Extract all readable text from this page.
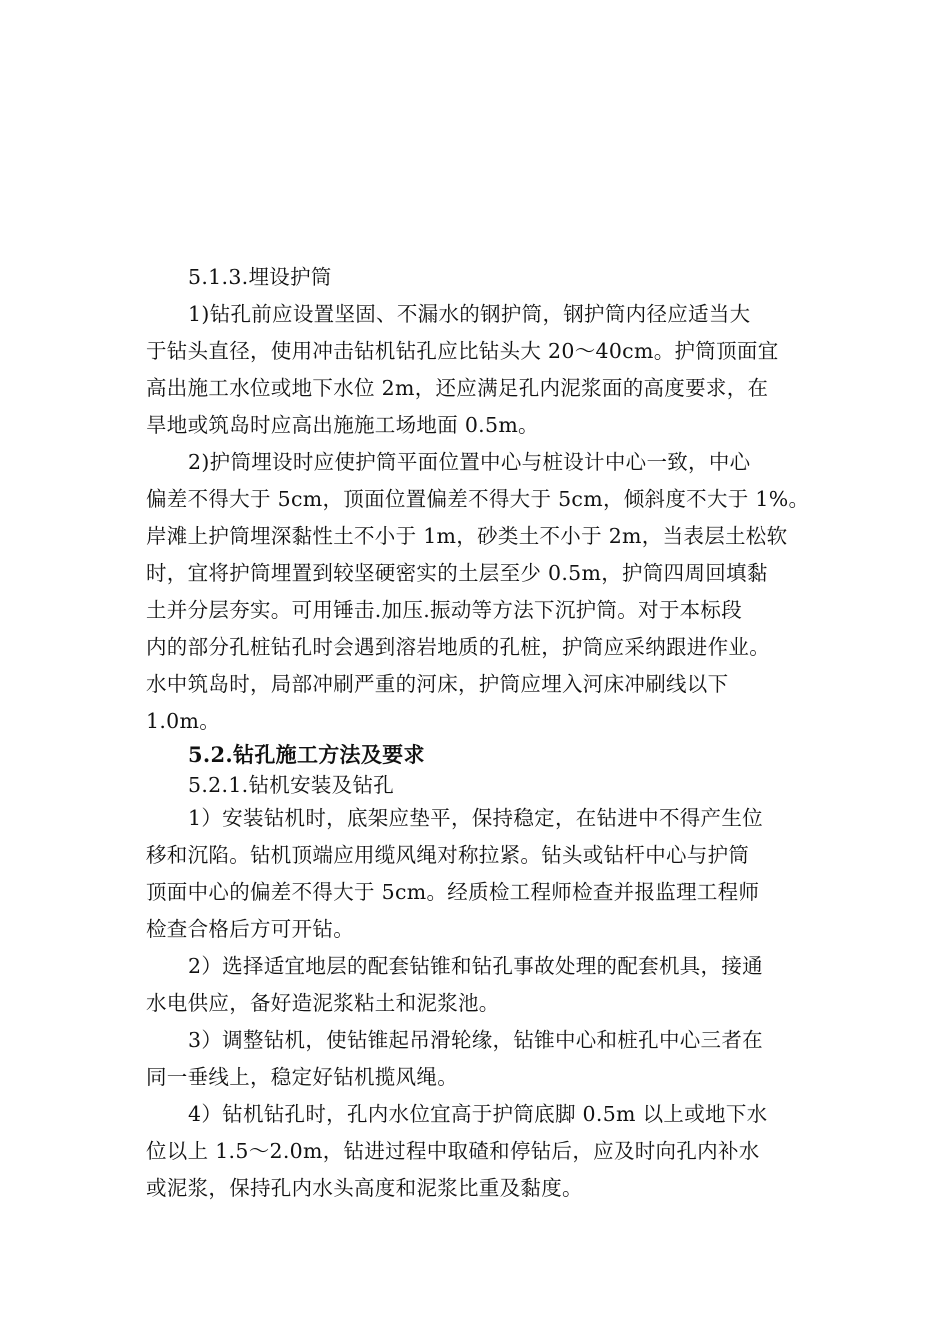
5.1.3.埋设护筒
1)钻孔前应设置坚固、不漏水的钢护筒，钢护筒内径应适当大
于钻头直径，使用冲击钻机钻孔应比钻头大 20～40cm。护筒顶面宜
高出施工水位或地下水位 2m，还应满足孔内泥浆面的高度要求，在
旱地或筑岛时应高出施施工场地面 0.5m。
2)护筒埋设时应使护筒平面位置中心与桩设计中心一致，中心
偏差不得大于 5cm，顶面位置偏差不得大于 5cm，倾斜度不大于 1%。
岸滩上护筒埋深黏性土不小于 1m，砂类土不小于 2m，当表层土松软
时，宜将护筒埋置到较坚硬密实的土层至少 0.5m，护筒四周回填黏
土并分层夯实。可用锤击.加压.振动等方法下沉护筒。对于本标段
内的部分孔桩钻孔时会遇到溶岩地质的孔桩，护筒应采纳跟进作业。
水中筑岛时，局部冲刷严重的河床，护筒应埋入河床冲刷线以下
1.0m。
5.2.钻孔施工方法及要求
5.2.1.钻机安装及钻孔
1）安装钻机时，底架应垫平，保持稳定，在钻进中不得产生位
移和沉陷。钻机顶端应用缆风绳对称拉紧。钻头或钻杆中心与护筒
顶面中心的偏差不得大于 5cm。经质检工程师检查并报监理工程师
检查合格后方可开钻。
2）选择适宜地层的配套钻锥和钻孔事故处理的配套机具，接通
水电供应，备好造泥浆粘土和泥浆池。
3）调整钻机，使钻锥起吊滑轮缘，钻锥中心和桩孔中心三者在
同一垂线上，稳定好钻机揽风绳。
4）钻机钻孔时，孔内水位宜高于护筒底脚 0.5m 以上或地下水
位以上 1.5～2.0m，钻进过程中取碴和停钻后，应及时向孔内补水
或泥浆，保持孔内水头高度和泥浆比重及黏度。
